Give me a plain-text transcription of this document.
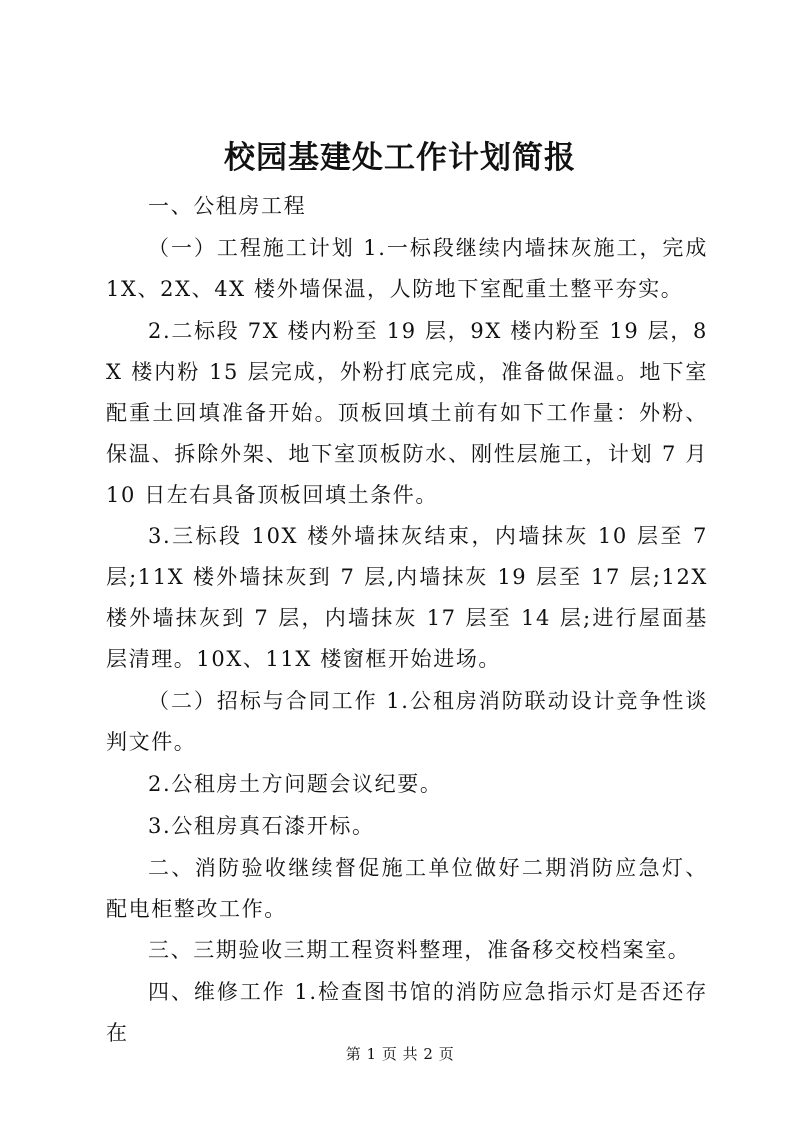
校园基建处工作计划简报

一、公租房工程

（一）工程施工计划 1.一标段继续内墙抹灰施工，完成 1X、2X、4X 楼外墙保温，人防地下室配重土整平夯实。

2.二标段 7X 楼内粉至 19 层，9X 楼内粉至 19 层，8X 楼内粉 15 层完成，外粉打底完成，准备做保温。地下室配重土回填准备开始。顶板回填土前有如下工作量：外粉、保温、拆除外架、地下室顶板防水、刚性层施工，计划 7 月 10 日左右具备顶板回填土条件。

3.三标段 10X 楼外墙抹灰结束，内墙抹灰 10 层至 7 层;11X 楼外墙抹灰到 7 层,内墙抹灰 19 层至 17 层;12X 楼外墙抹灰到 7 层，内墙抹灰 17 层至 14 层;进行屋面基层清理。10X、11X 楼窗框开始进场。

（二）招标与合同工作 1.公租房消防联动设计竞争性谈判文件。

2.公租房土方问题会议纪要。

3.公租房真石漆开标。

二、消防验收继续督促施工单位做好二期消防应急灯、配电柜整改工作。

三、三期验收三期工程资料整理，准备移交校档案室。

四、维修工作 1.检查图书馆的消防应急指示灯是否还存在

第 1 页 共 2 页
